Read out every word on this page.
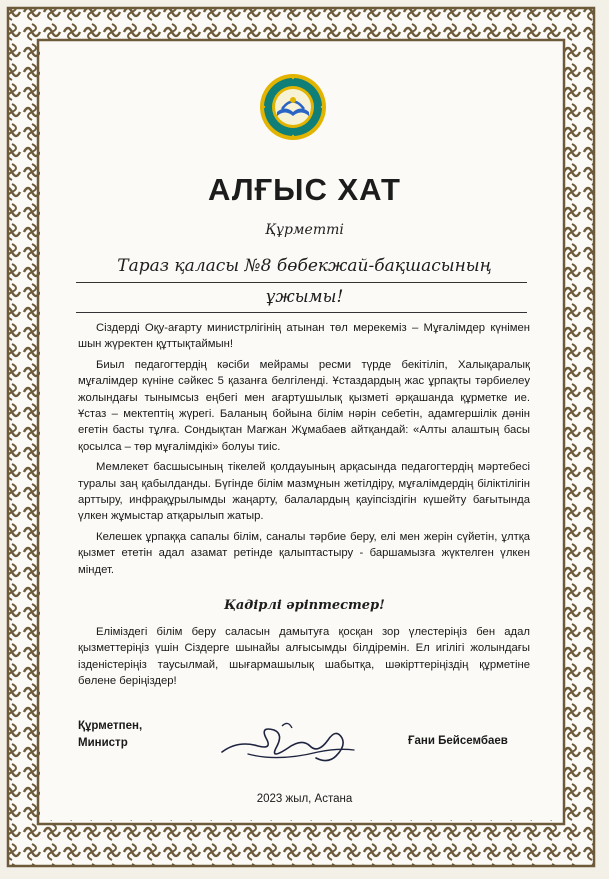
АЛҒЫС ХАТ
Құрметті
Тараз қаласы №8 бөбекжай-бақшасының
ұжымы!

Сіздерді Оқу-ағарту министрлігінің атынан төл мерекеміз – Мұғалімдер күнімен шын жүректен құттықтаймын!

Биыл педагогтердің кәсіби мейрамы ресми түрде бекітіліп, Халықаралық мұғалімдер күніне сәйкес 5 қазанға белгіленді. Ұстаздардың жас ұрпақты тәрбиелеу жолындағы тынымсыз еңбегі мен ағартушылық қызметі әрқашанда құрметке ие. Ұстаз – мектептің жүрегі. Баланың бойына білім нәрін себетін, адамгершілік дәнін егетін басты тұлға. Сондықтан Мағжан Жұмабаев айтқандай: «Алты алаштың басы қосылса – төр мұғалімдікі» болуы тиіс.

Мемлекет басшысының тікелей қолдауының арқасында педагогтердің мәртебесі туралы заң қабылданды. Бүгінде білім мазмұнын жетілдіру, мұғалімдердің біліктілігін арттыру, инфрақұрылымды жаңарту, балалардың қауіпсіздігін күшейту бағытында үлкен жұмыстар атқарылып жатыр.

Келешек ұрпаққа сапалы білім, саналы тәрбие беру, елі мен жерін сүйетін, ұлтқа қызмет ететін адал азамат ретінде қалыптастыру - баршамызға жүктелген үлкен міндет.

Қадірлі әріптестер!

Еліміздегі білім беру саласын дамытуға қосқан зор үлестеріңіз бен адал қызметтеріңіз үшін Сіздерге шынайы алғысымды білдіремін. Ел игілігі жолындағы ізденістеріңіз таусылмай, шығармашылық шабытқа, шәкірттеріңіздің құрметіне бөлене беріңіздер!

Құрметпен,
Министр	Ғани Бейсембаев
2023 жыл, Астана
